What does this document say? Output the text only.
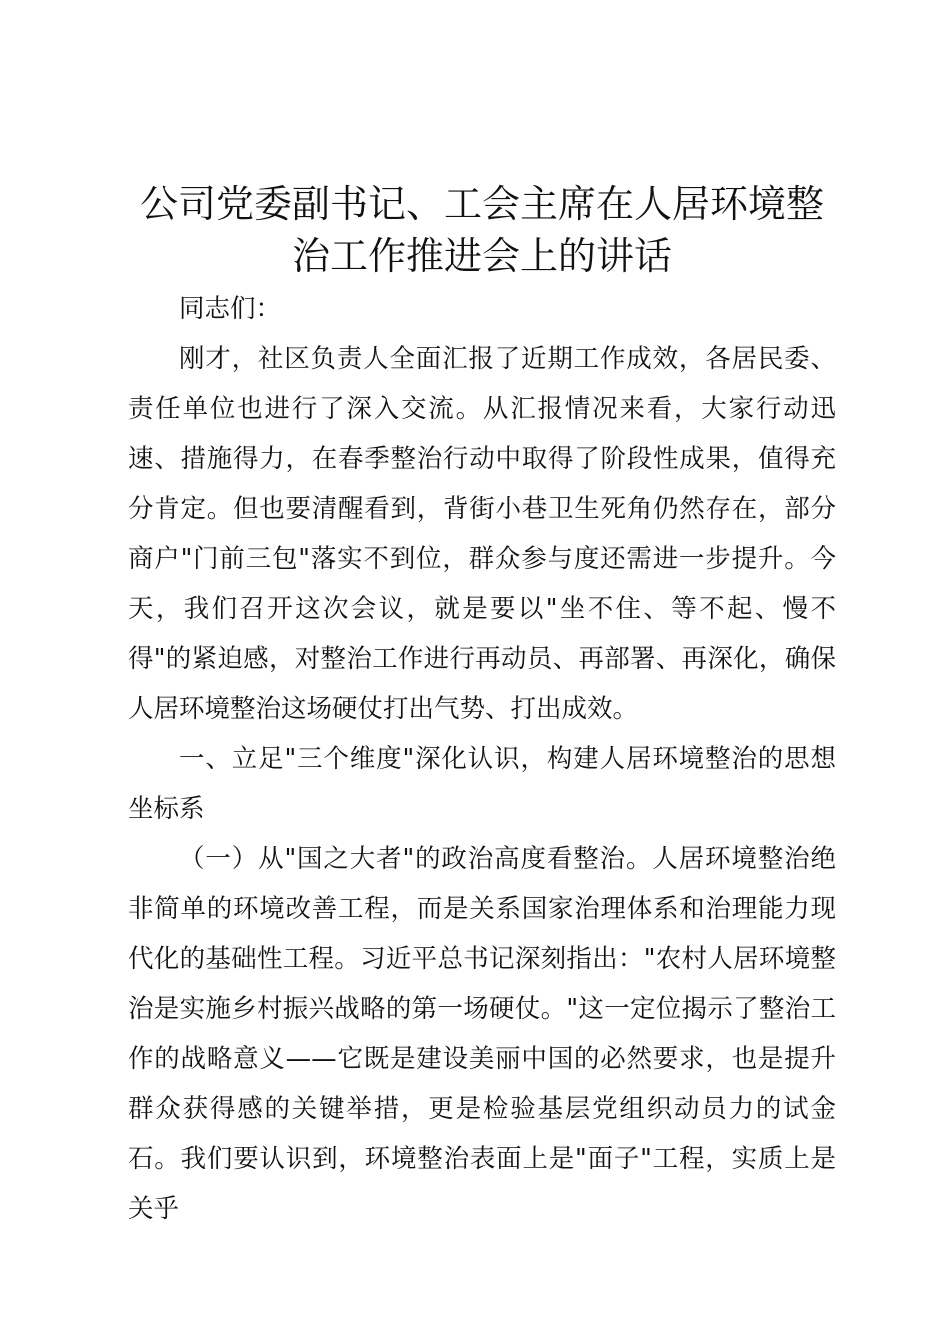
公司党委副书记、工会主席在人居环境整治工作推进会上的讲话

同志们：

刚才，社区负责人全面汇报了近期工作成效，各居民委、责任单位也进行了深入交流。从汇报情况来看，大家行动迅速、措施得力，在春季整治行动中取得了阶段性成果，值得充分肯定。但也要清醒看到，背街小巷卫生死角仍然存在，部分商户"门前三包"落实不到位，群众参与度还需进一步提升。今天，我们召开这次会议，就是要以"坐不住、等不起、慢不得"的紧迫感，对整治工作进行再动员、再部署、再深化，确保人居环境整治这场硬仗打出气势、打出成效。

一、立足"三个维度"深化认识，构建人居环境整治的思想坐标系

（一）从"国之大者"的政治高度看整治。人居环境整治绝非简单的环境改善工程，而是关系国家治理体系和治理能力现代化的基础性工程。习近平总书记深刻指出："农村人居环境整治是实施乡村振兴战略的第一场硬仗。"这一定位揭示了整治工作的战略意义——它既是建设美丽中国的必然要求，也是提升群众获得感的关键举措，更是检验基层党组织动员力的试金石。我们要认识到，环境整治表面上是"面子"工程，实质上是关乎
